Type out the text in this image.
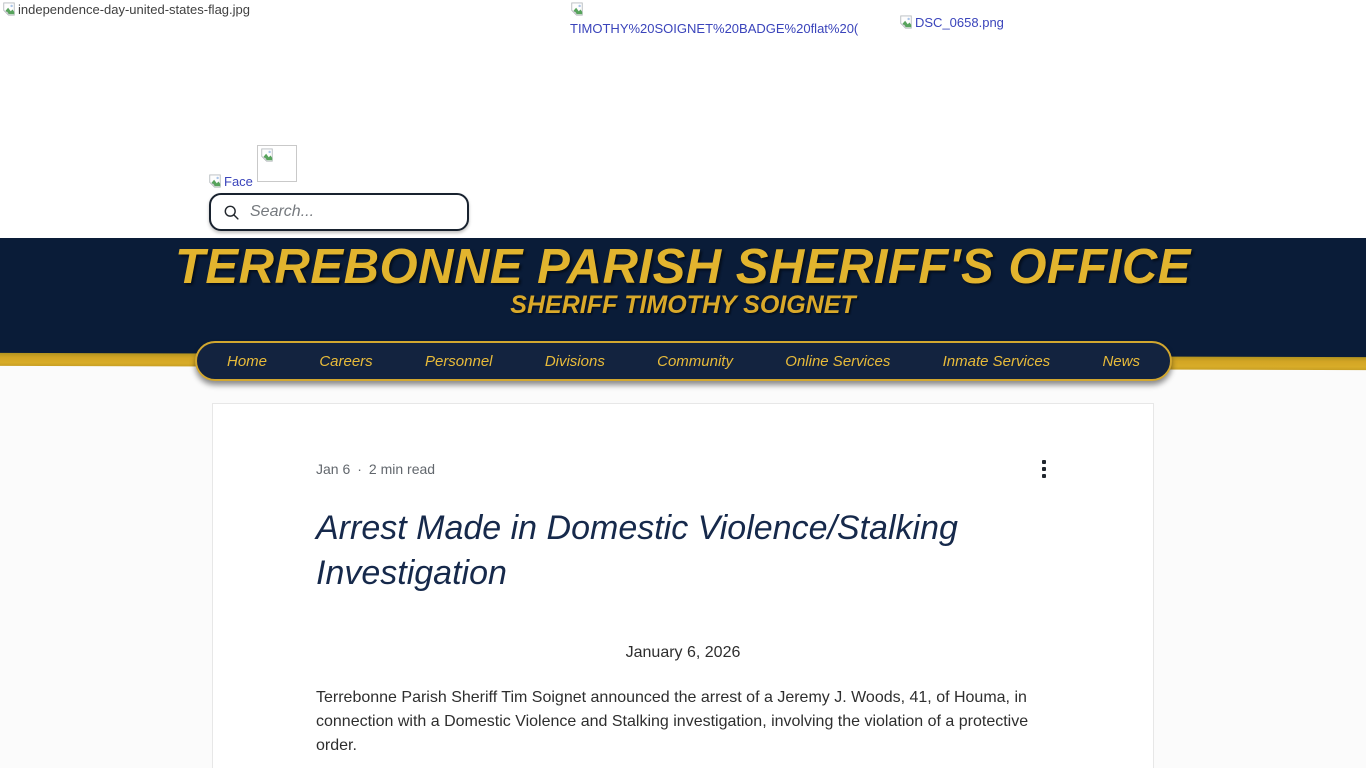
independence-day-united-states-flag.jpg
TIMOTHY%20SOIGNET%20BADGE%20flat%20(	DSC_0658.png
Face
Search...
TERREBONNE PARISH SHERIFF'S OFFICE
SHERIFF TIMOTHY SOIGNET
Home	Careers	Personnel	Divisions	Community	Online Services	Inmate Services	News
Jan 6 · 2 min read
Arrest Made in Domestic Violence/Stalking Investigation

January 6, 2026

Terrebonne Parish Sheriff Tim Soignet announced the arrest of a Jeremy J. Woods, 41, of Houma, in connection with a Domestic Violence and Stalking investigation, involving the violation of a protective order.
